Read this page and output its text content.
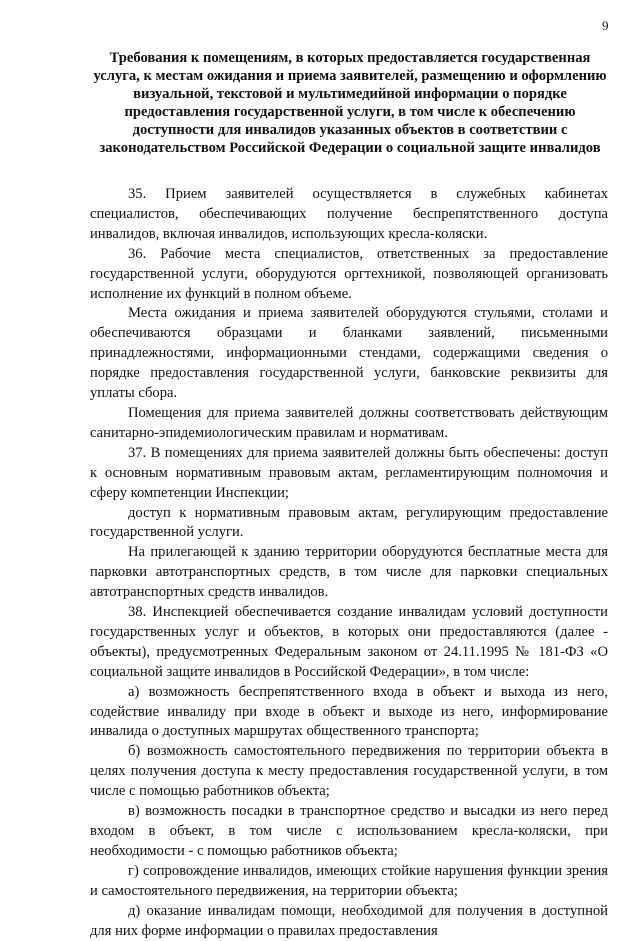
9
Требования к помещениям, в которых предоставляется государственная услуга, к местам ожидания и приема заявителей, размещению и оформлению визуальной, текстовой и мультимедийной информации о порядке предоставления государственной услуги, в том числе к обеспечению доступности для инвалидов указанных объектов в соответствии с законодательством Российской Федерации о социальной защите инвалидов

35. Прием заявителей осуществляется в служебных кабинетах специалистов, обеспечивающих получение беспрепятственного доступа инвалидов, включая инвалидов, использующих кресла-коляски.

36. Рабочие места специалистов, ответственных за предоставление государственной услуги, оборудуются оргтехникой, позволяющей организовать исполнение их функций в полном объеме.

Места ожидания и приема заявителей оборудуются стульями, столами и обеспечиваются образцами и бланками заявлений, письменными принадлежностями, информационными стендами, содержащими сведения о порядке предоставления государственной услуги, банковские реквизиты для уплаты сбора.

Помещения для приема заявителей должны соответствовать действующим санитарно-эпидемиологическим правилам и нормативам.

37. В помещениях для приема заявителей должны быть обеспечены: доступ к основным нормативным правовым актам, регламентирующим полномочия и сферу компетенции Инспекции;

доступ к нормативным правовым актам, регулирующим предоставление государственной услуги.

На прилегающей к зданию территории оборудуются бесплатные места для парковки автотранспортных средств, в том числе для парковки специальных автотранспортных средств инвалидов.

38. Инспекцией обеспечивается создание инвалидам условий доступности государственных услуг и объектов, в которых они предоставляются (далее - объекты), предусмотренных Федеральным законом от 24.11.1995 № 181-ФЗ «О социальной защите инвалидов в Российской Федерации», в том числе:

а) возможность беспрепятственного входа в объект и выхода из него, содействие инвалиду при входе в объект и выходе из него, информирование инвалида о доступных маршрутах общественного транспорта;

б) возможность самостоятельного передвижения по территории объекта в целях получения доступа к месту предоставления государственной услуги, в том числе с помощью работников объекта;

в) возможность посадки в транспортное средство и высадки из него перед входом в объект, в том числе с использованием кресла-коляски, при необходимости - с помощью работников объекта;

г) сопровождение инвалидов, имеющих стойкие нарушения функции зрения и самостоятельного передвижения, на территории объекта;

д) оказание инвалидам помощи, необходимой для получения в доступной для них форме информации о правилах предоставления
